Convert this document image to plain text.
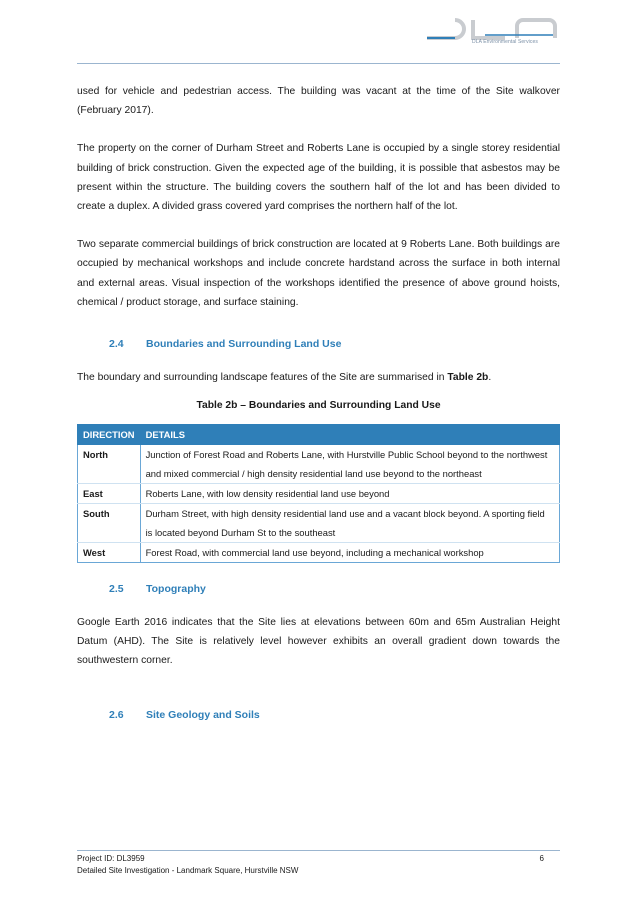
DLA Environmental Services

used for vehicle and pedestrian access. The building was vacant at the time of the Site walkover (February 2017).

The property on the corner of Durham Street and Roberts Lane is occupied by a single storey residential building of brick construction. Given the expected age of the building, it is possible that asbestos may be present within the structure. The building covers the southern half of the lot and has been divided to create a duplex. A divided grass covered yard comprises the northern half of the lot.

Two separate commercial buildings of brick construction are located at 9 Roberts Lane. Both buildings are occupied by mechanical workshops and include concrete hardstand across the surface in both internal and external areas. Visual inspection of the workshops identified the presence of above ground hoists, chemical / product storage, and surface staining.

2.4	Boundaries and Surrounding Land Use

The boundary and surrounding landscape features of the Site are summarised in Table 2b.

Table 2b – Boundaries and Surrounding Land Use
DIRECTION	DETAILS
North	Junction of Forest Road and Roberts Lane, with Hurstville Public School beyond to the northwest and mixed commercial / high density residential land use beyond to the northeast
East	Roberts Lane, with low density residential land use beyond
South	Durham Street, with high density residential land use and a vacant block beyond. A sporting field is located beyond Durham St to the southeast
West	Forest Road, with commercial land use beyond, including a mechanical workshop
2.5	Topography

Google Earth 2016 indicates that the Site lies at elevations between 60m and 65m Australian Height Datum (AHD). The Site is relatively level however exhibits an overall gradient down towards the southwestern corner.

2.6	Site Geology and Soils
Project ID: DL3959
Detailed Site Investigation - Landmark Square, Hurstville NSW
6
